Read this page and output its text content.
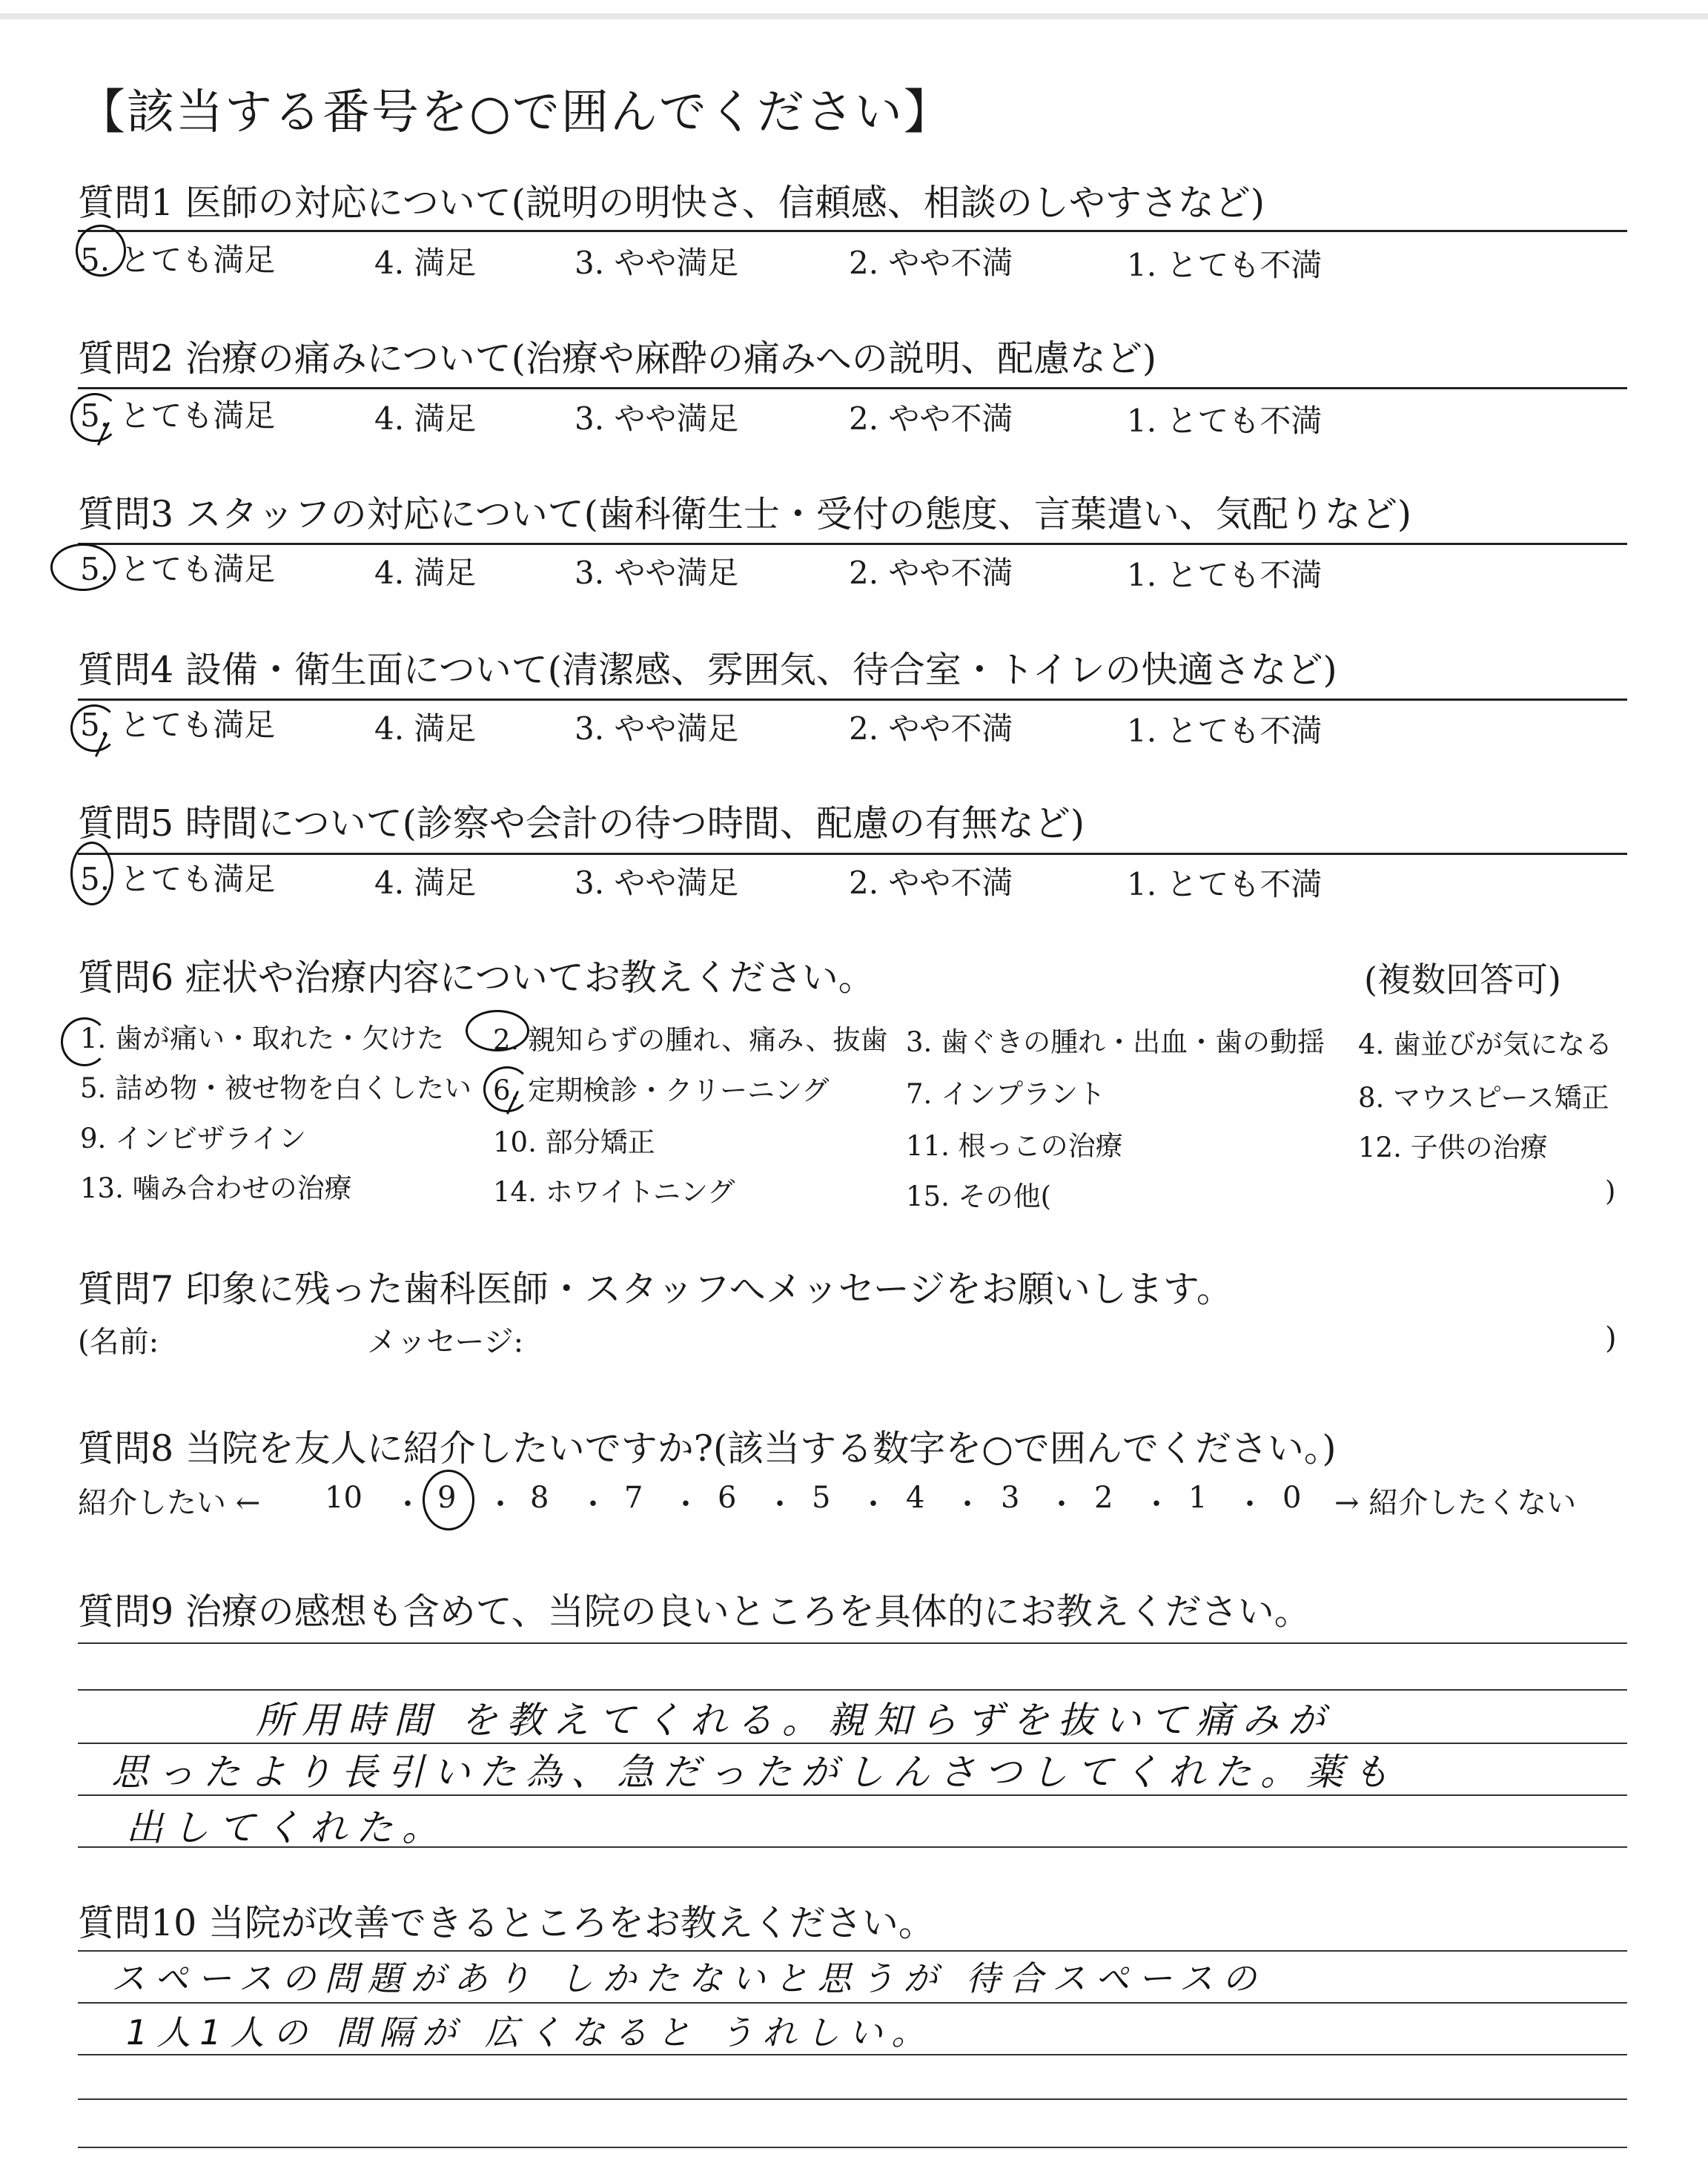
【該当する番号を○で囲んでください】
質問1 医師の対応について(説明の明快さ、信頼感、相談のしやすさなど)
5. とても満足	4. 満足	3. やや満足	2. やや不満	1. とても不満
質問2 治療の痛みについて(治療や麻酔の痛みへの説明、配慮など)
5. とても満足	4. 満足	3. やや満足	2. やや不満	1. とても不満
質問3 スタッフの対応について(歯科衛生士・受付の態度、言葉遣い、気配りなど)
5. とても満足	4. 満足	3. やや満足	2. やや不満	1. とても不満
質問4 設備・衛生面について(清潔感、雰囲気、待合室・トイレの快適さなど)
5. とても満足	4. 満足	3. やや満足	2. やや不満	1. とても不満
質問5 時間について(診察や会計の待つ時間、配慮の有無など)
5. とても満足	4. 満足	3. やや満足	2. やや不満	1. とても不満
質問6 症状や治療内容についてお教えください。	(複数回答可)
1. 歯が痛い・取れた・欠けた 2. 親知らずの腫れ、痛み、抜歯 3. 歯ぐきの腫れ・出血・歯の動揺 4. 歯並びが気になる
5. 詰め物・被せ物を白くしたい 6. 定期検診・クリーニング	7. インプラント	8. マウスピース矯正
9. インビザライン	10. 部分矯正	11. 根っこの治療	12. 子供の治療
13. 噛み合わせの治療	14. ホワイトニング	15. その他(	)
質問7 印象に残った歯科医師・スタッフへメッセージをお願いします。
(名前:	メッセージ:	)
質問8 当院を友人に紹介したいですか?(該当する数字を○で囲んでください。)
紹介したい ← 10	9 8	7	6	5	4	3	2	1	0 → 紹介したくない
・ ・ ・ ・ ・ ・ ・ ・ ・ ・
質問9 治療の感想も含めて、当院の良いところを具体的にお教えください。
所用時間 を教えてくれる。親知らずを抜いて痛みが
思ったより長引いた為、急だったがしんさつしてくれた。薬も
出してくれた。
質問10 当院が改善できるところをお教えください。
スペースの問題があり しかたないと思うが 待合スペースの
1人1人の 間隔が 広くなると うれしい。
